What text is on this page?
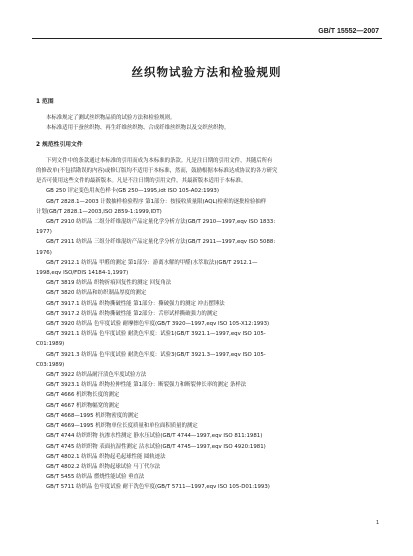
GB/T 15552—2007
丝织物试验方法和检验规则
1 范围
本标准规定了测试丝织物品质的试验方法和检验规则。
本标准适用于蚕丝织物、再生纤维丝织物、合成纤维丝织物以及交织丝织物。
2 规范性引用文件
下列文件中的条款通过本标准的引用而成为本标准的条款。凡是注日期的引用文件，其随后所有
的修改单(不包括勘误的内容)或修订版均不适用于本标准，然而，鼓励根据本标准达成协议的各方研究
是否可使用这些文件的最新版本。凡是不注日期的引用文件，其最新版本适用于本标准。
GB 250 评定变色用灰色样卡(GB 250—1995,idt ISO 105-A02:1993)
GB/T 2828.1—2003 计数抽样检验程序 第1部分：按接收质量限(AQL)检索的逐批检验抽样
计划(GB/T 2828.1—2003,ISO 2859-1:1999,IDT)
GB/T 2910 纺织品 二组分纤维混纺产品定量化学分析方法(GB/T 2910—1997,eqv ISO 1833:
1977)
GB/T 2911 纺织品 三组分纤维混纺产品定量化学分析方法(GB/T 2911—1997,eqv ISO 5088:
1976)
GB/T 2912.1 纺织品 甲醛的测定 第1部分：游离水解的甲醛(水萃取法)(GB/T 2912.1—
1998,eqv ISO/FDIS 14184-1,1997)
GB/T 3819 纺织品 织物折痕回复性的测定 回复角法
GB/T 3820 纺织品和纺织制品厚度的测定
GB/T 3917.1 纺织品 织物撕破性能 第1部分：撕破强力的测定 冲击摆锤法
GB/T 3917.2 纺织品 织物撕破性能 第2部分：舌形试样撕破强力的测定
GB/T 3920 纺织品 色牢度试验 耐摩擦色牢度(GB/T 3920—1997,eqv ISO 105-X12:1993)
GB/T 3921.1 纺织品 色牢度试验 耐洗色牢度：试验1(GB/T 3921.1—1997,eqv ISO 105-
C01:1989)
GB/T 3921.3 纺织品 色牢度试验 耐洗色牢度：试验3(GB/T 3921.3—1997,eqv ISO 105-
C03:1989)
GB/T 3922 纺织品耐汗渍色牢度试验方法
GB/T 3923.1 纺织品 织物拉伸性能 第1部分：断裂强力和断裂伸长率的测定 条样法
GB/T 4666 机织物长度的测定
GB/T 4667 机织物幅宽的测定
GB/T 4668—1995 机织物密度的测定
GB/T 4669—1995 机织物单位长度质量和单位面积质量的测定
GB/T 4744 纺织织物 抗渗水性测定 静水压试验(GB/T 4744—1997,eqv ISO 811:1981)
GB/T 4745 纺织织物 表面抗湿性测定 沾水试验(GB/T 4745—1997,eqv ISO 4920:1981)
GB/T 4802.1 纺织品 织物起毛起球性能 圆轨迹法
GB/T 4802.2 纺织品 织物起球试验 马丁代尔法
GB/T 5455 纺织品 燃烧性能试验 垂直法
GB/T 5711 纺织品 色牢度试验 耐干洗色牢度(GB/T 5711—1997,eqv ISO 105-D01:1993)
1
